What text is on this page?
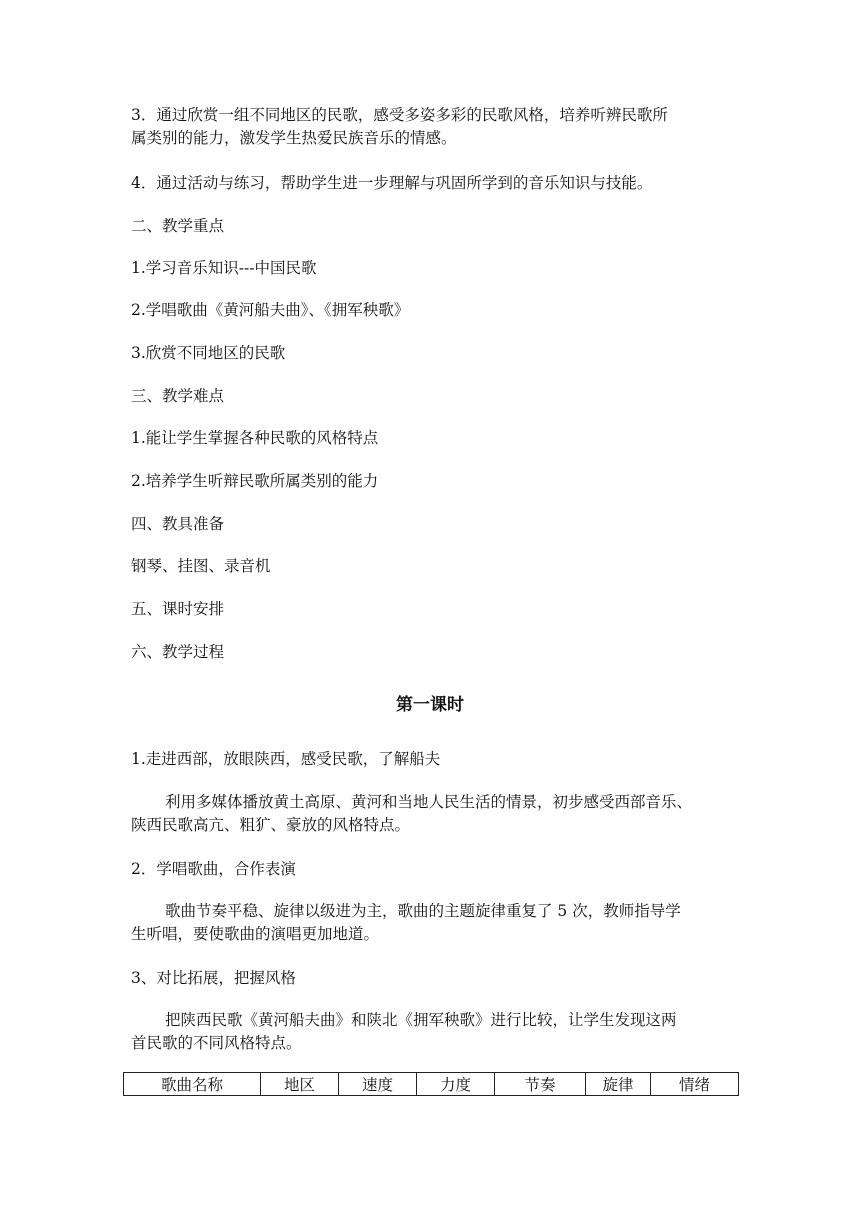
3．通过欣赏一组不同地区的民歌，感受多姿多彩的民歌风格，培养听辨民歌所
属类别的能力，激发学生热爱民族音乐的情感。
4．通过活动与练习，帮助学生进一步理解与巩固所学到的音乐知识与技能。
二、教学重点
1.学习音乐知识---中国民歌
2.学唱歌曲《黄河船夫曲》、《拥军秧歌》
3.欣赏不同地区的民歌
三、教学难点
1.能让学生掌握各种民歌的风格特点
2.培养学生听辩民歌所属类别的能力
四、教具准备
钢琴、挂图、录音机
五、课时安排
六、教学过程
第一课时
1.走进西部，放眼陕西，感受民歌，了解船夫
利用多媒体播放黄土高原、黄河和当地人民生活的情景，初步感受西部音乐、
陕西民歌高亢、粗犷、豪放的风格特点。
2．学唱歌曲，合作表演
歌曲节奏平稳、旋律以级进为主，歌曲的主题旋律重复了 5 次，教师指导学
生听唱，要使歌曲的演唱更加地道。
3、对比拓展，把握风格
把陕西民歌《黄河船夫曲》和陕北《拥军秧歌》进行比较，让学生发现这两
首民歌的不同风格特点。
歌曲名称	地区	速度	力度	节奏	旋律	情绪
